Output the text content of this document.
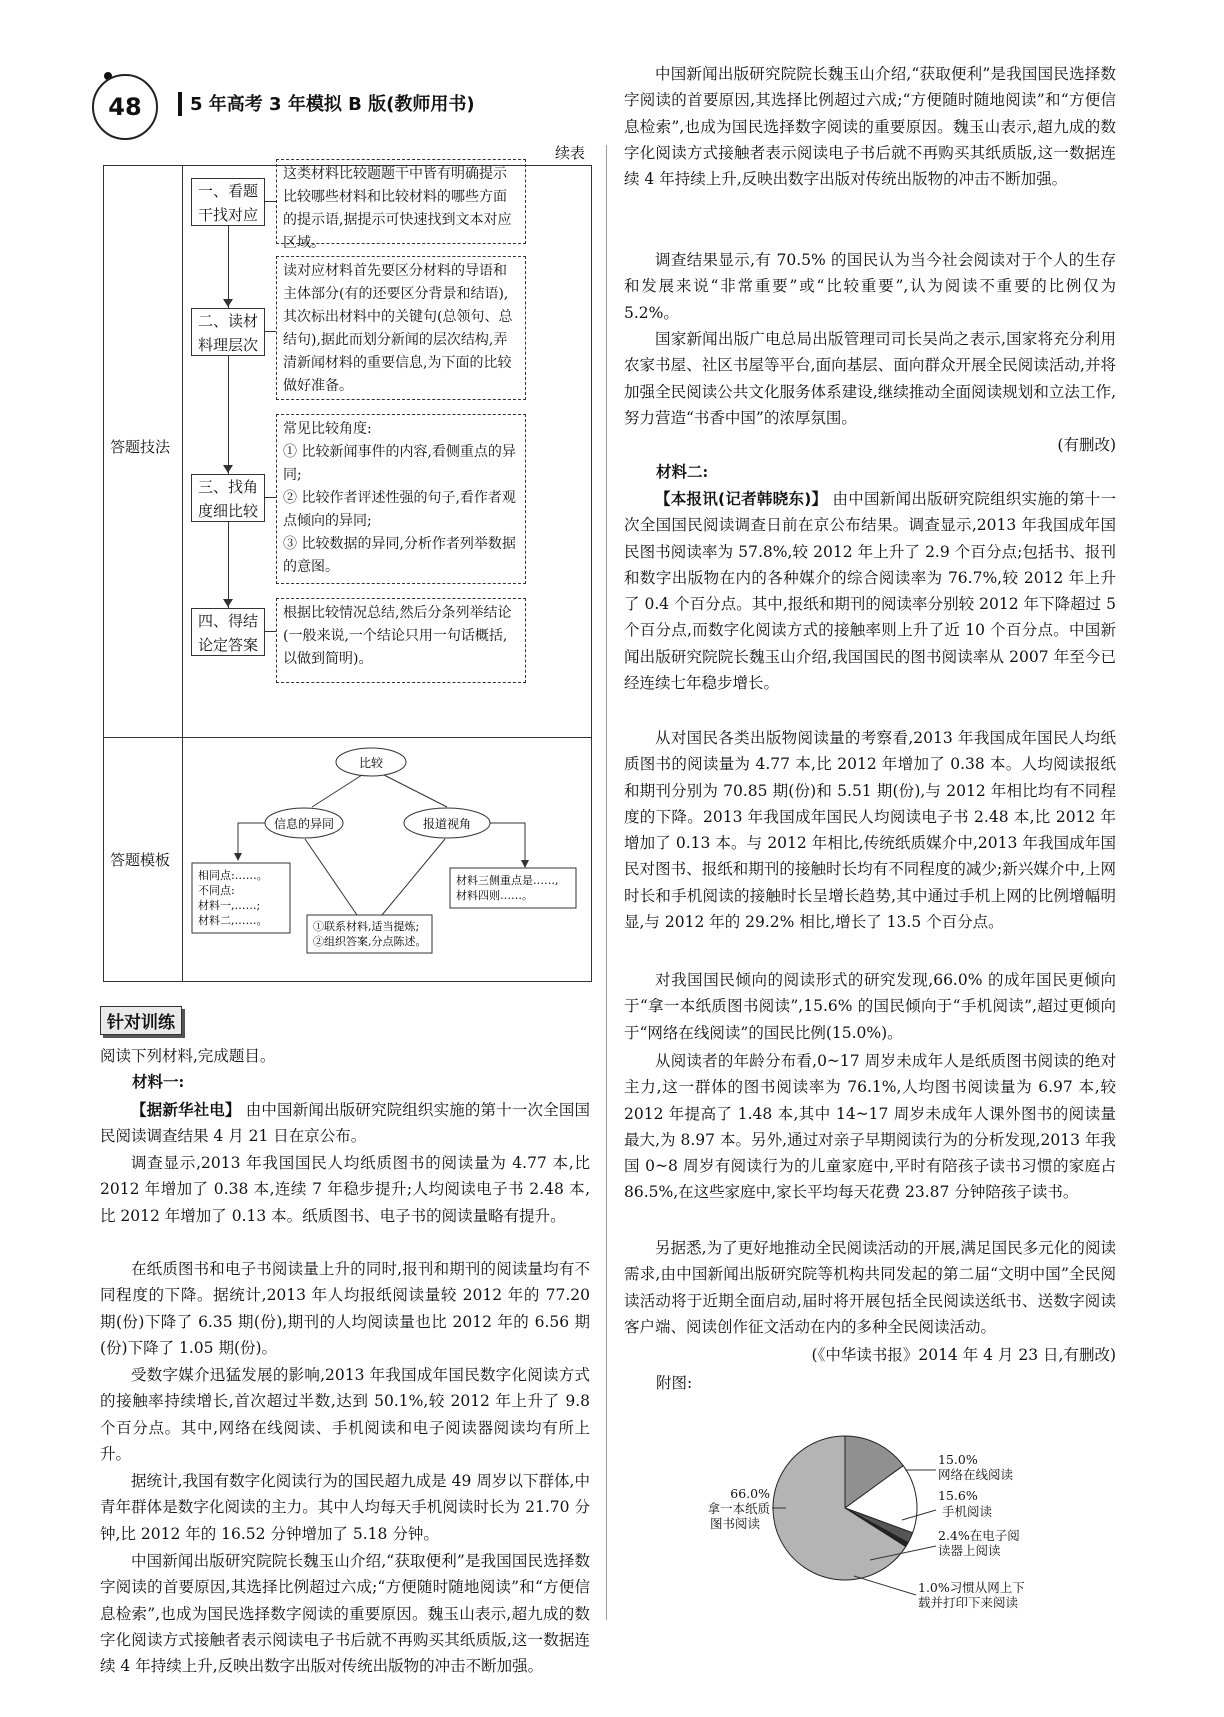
48	5 年高考 3 年模拟 B 版(教师用书)
续表
答题技法
答题模板
一、看题干找对应
这类材料比较题题干中皆有明确提示比较哪些材料和比较材料的哪些方面的提示语,据提示可快速找到文本对应区域。
二、读材料理层次
读对应材料首先要区分材料的导语和主体部分(有的还要区分背景和结语),其次标出材料中的关键句(总领句、总结句),据此而划分新闻的层次结构,弄清新闻材料的重要信息,为下面的比较做好准备。
三、找角度细比较
常见比较角度:
① 比较新闻事件的内容,看侧重点的异同;
② 比较作者评述性强的句子,看作者观点倾向的异同;
③ 比较数据的异同,分析作者列举数据的意图。
四、得结论定答案
根据比较情况总结,然后分条列举结论(一般来说,一个结论只用一句话概括,以做到简明)。
比较
信息的异同	报道视角
相同点:……。
不同点:
材料一,……;
材料二,……。
材料三侧重点是……,
材料四则……。
①联系材料,适当提炼;
②组织答案,分点陈述。
针对训练
阅读下列材料,完成题目。
材料一:
【据新华社电】 由中国新闻出版研究院组织实施的第十一次全国国民阅读调查结果 4 月 21 日在京公布。
调查显示,2013 年我国国民人均纸质图书的阅读量为 4.77 本,比 2012 年增加了 0.38 本,连续 7 年稳步提升;人均阅读电子书 2.48 本,比 2012 年增加了 0.13 本。纸质图书、电子书的阅读量略有提升。
在纸质图书和电子书阅读量上升的同时,报刊和期刊的阅读量均有不同程度的下降。据统计,2013 年人均报纸阅读量较 2012 年的 77.20 期(份)下降了 6.35 期(份),期刊的人均阅读量也比 2012 年的 6.56 期(份)下降了 1.05 期(份)。
受数字媒介迅猛发展的影响,2013 年我国成年国民数字化阅读方式的接触率持续增长,首次超过半数,达到 50.1%,较 2012 年上升了 9.8 个百分点。其中,网络在线阅读、手机阅读和电子阅读器阅读均有所上升。
据统计,我国有数字化阅读行为的国民超九成是 49 周岁以下群体,中青年群体是数字化阅读的主力。其中人均每天手机阅读时长为 21.70 分钟,比 2012 年的 16.52 分钟增加了 5.18 分钟。
中国新闻出版研究院院长魏玉山介绍,“获取便利”是我国国民选择数字阅读的首要原因,其选择比例超过六成;“方便随时随地阅读”和“方便信息检索”,也成为国民选择数字阅读的重要原因。魏玉山表示,超九成的数字化阅读方式接触者表示阅读电子书后就不再购买其纸质版,这一数据连续 4 年持续上升,反映出数字出版对传统出版物的冲击不断加强。
中国新闻出版研究院院长魏玉山介绍,“获取便利”是我国国民选择数字阅读的首要原因,其选择比例超过六成;“方便随时随地阅读”和“方便信息检索”,也成为国民选择数字阅读的重要原因。魏玉山表示,超九成的数字化阅读方式接触者表示阅读电子书后就不再购买其纸质版,这一数据连续 4 年持续上升,反映出数字出版对传统出版物的冲击不断加强。
调查结果显示,有 70.5% 的国民认为当今社会阅读对于个人的生存和发展来说“非常重要”或“比较重要”,认为阅读不重要的比例仅为 5.2%。
国家新闻出版广电总局出版管理司司长吴尚之表示,国家将充分利用农家书屋、社区书屋等平台,面向基层、面向群众开展全民阅读活动,并将加强全民阅读公共文化服务体系建设,继续推动全面阅读规划和立法工作,努力营造“书香中国”的浓厚氛围。
(有删改)
材料二:
【本报讯(记者韩晓东)】 由中国新闻出版研究院组织实施的第十一次全国国民阅读调查日前在京公布结果。调查显示,2013 年我国成年国民图书阅读率为 57.8%,较 2012 年上升了 2.9 个百分点;包括书、报刊和数字出版物在内的各种媒介的综合阅读率为 76.7%,较 2012 年上升了 0.4 个百分点。其中,报纸和期刊的阅读率分别较 2012 年下降超过 5 个百分点,而数字化阅读方式的接触率则上升了近 10 个百分点。中国新闻出版研究院院长魏玉山介绍,我国国民的图书阅读率从 2007 年至今已经连续七年稳步增长。
从对国民各类出版物阅读量的考察看,2013 年我国成年国民人均纸质图书的阅读量为 4.77 本,比 2012 年增加了 0.38 本。人均阅读报纸和期刊分别为 70.85 期(份)和 5.51 期(份),与 2012 年相比均有不同程度的下降。2013 年我国成年国民人均阅读电子书 2.48 本,比 2012 年增加了 0.13 本。与 2012 年相比,传统纸质媒介中,2013 年我国成年国民对图书、报纸和期刊的接触时长均有不同程度的减少;新兴媒介中,上网时长和手机阅读的接触时长呈增长趋势,其中通过手机上网的比例增幅明显,与 2012 年的 29.2% 相比,增长了 13.5 个百分点。
对我国国民倾向的阅读形式的研究发现,66.0% 的成年国民更倾向于“拿一本纸质图书阅读”,15.6% 的国民倾向于“手机阅读”,超过更倾向于“网络在线阅读”的国民比例(15.0%)。
从阅读者的年龄分布看,0~17 周岁未成年人是纸质图书阅读的绝对主力,这一群体的图书阅读率为 76.1%,人均图书阅读量为 6.97 本,较 2012 年提高了 1.48 本,其中 14~17 周岁未成年人课外图书的阅读量最大,为 8.97 本。另外,通过对亲子早期阅读行为的分析发现,2013 年我国 0~8 周岁有阅读行为的儿童家庭中,平时有陪孩子读书习惯的家庭占 86.5%,在这些家庭中,家长平均每天花费 23.87 分钟陪孩子读书。
另据悉,为了更好地推动全民阅读活动的开展,满足国民多元化的阅读需求,由中国新闻出版研究院等机构共同发起的第二届“文明中国”全民阅读活动将于近期全面启动,届时将开展包括全民阅读送纸书、送数字阅读客户端、阅读创作征文活动在内的多种全民阅读活动。
(《中华读书报》2014 年 4 月 23 日,有删改)
附图:
66.0%
拿一本纸质
图书阅读
15.0%
网络在线阅读
15.6%
手机阅读
2.4%在电子阅
读器上阅读
1.0%习惯从网上下
载并打印下来阅读
